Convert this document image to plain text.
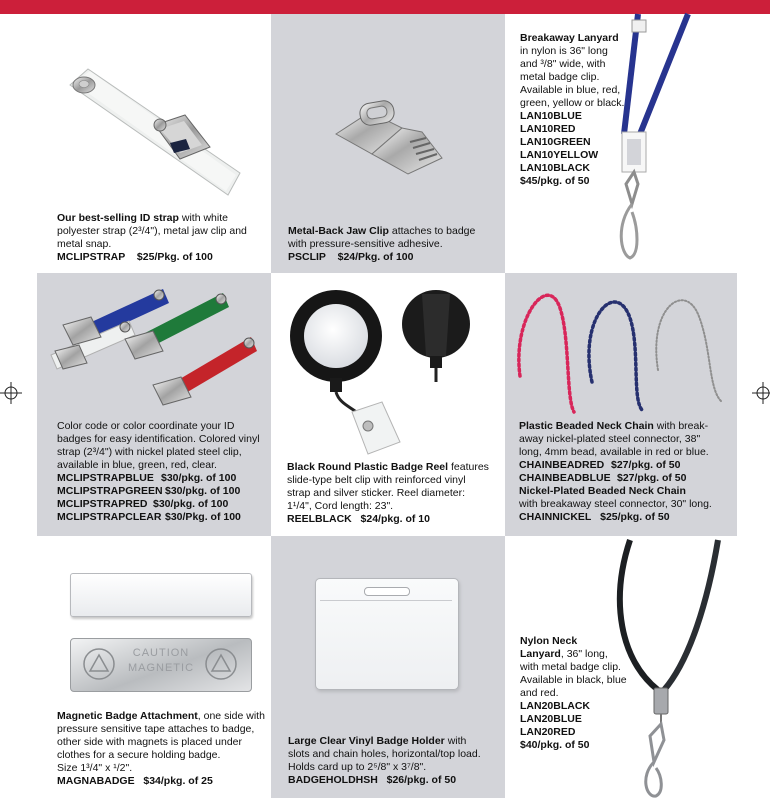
Our best-selling ID strap with white
polyester strap (2³/4"), metal jaw clip and
metal snap.
MCLIPSTRAP $25/Pkg. of 100
Metal-Back Jaw Clip attaches to badge
with pressure-sensitive adhesive.
PSCLIP $24/Pkg. of 100
Breakaway Lanyard
in nylon is 36" long
and ³/8" wide, with
metal badge clip.
Available in blue, red,
green, yellow or black.

LAN10BLUE
LAN10RED
LAN10GREEN
LAN10YELLOW
LAN10BLACK
$45/pkg. of 50
Color code or color coordinate your ID
badges for easy identification. Colored vinyl
strap (2³/4") with nickel plated steel clip,
available in blue, green, red, clear.

MCLIPSTRAPBLUE $30/pkg. of 100
MCLIPSTRAPGREEN $30/pkg. of 100
MCLIPSTRAPRED $30/pkg. of 100
MCLIPSTRAPCLEAR $30/Pkg. of 100
Black Round Plastic Badge Reel features
slide-type belt clip with reinforced vinyl
strap and silver sticker. Reel diameter:
1¹/4", Cord length: 23".
REELBLACK $24/pkg. of 10
Plastic Beaded Neck Chain with break-
away nickel-plated steel connector, 38"
long, 4mm bead, available in red or blue.

CHAINBEADRED $27/pkg. of 50
CHAINBEADBLUE $27/pkg. of 50
Nickel-Plated Beaded Neck Chain
with breakaway steel connector, 30" long.
CHAINNICKEL $25/pkg. of 50
CAUTION
MAGNETIC
Magnetic Badge Attachment, one side with
pressure sensitive tape attaches to badge,
other side with magnets is placed under
clothes for a secure holding badge.
Size 1³/4" x ¹/2".
MAGNABADGE $34/pkg. of 25
Large Clear Vinyl Badge Holder with
slots and chain holes, horizontal/top load.
Holds card up to 2⁵/8" x 3⁷/8".
BADGEHOLDHSH $26/pkg. of 50
Nylon Neck
Lanyard, 36" long,
with metal badge clip.
Available in black, blue
and red.

LAN20BLACK
LAN20BLUE
LAN20RED
$40/pkg. of 50
